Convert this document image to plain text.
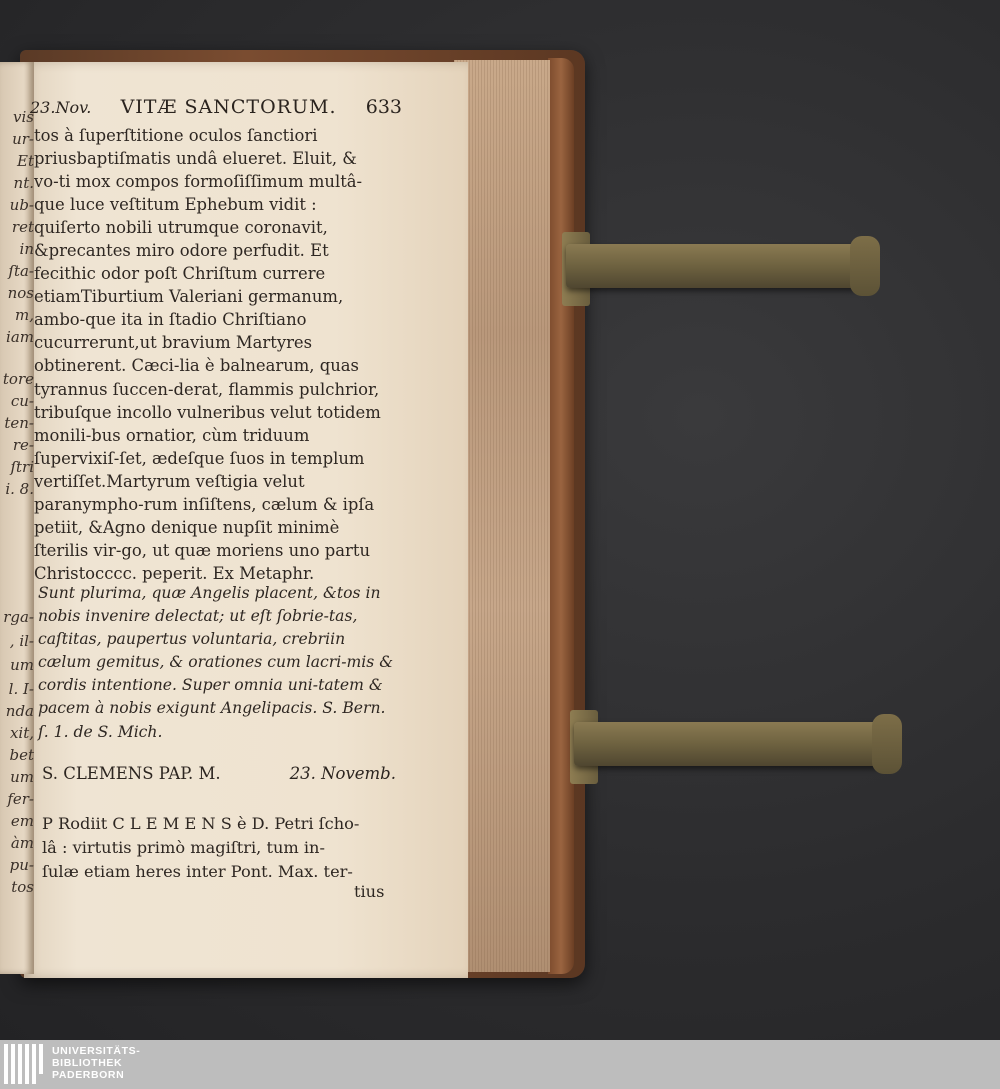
vis
ur-
Et
nt.
ub-
ret
in
ſta-
nos
m,
iam
tore
cu-
ten-
re-
ſtri
i. 8.
rga-
, il-
um
l. I-
nda
xit,
bet
um
fer-
em
àm
pu-
tos
23.Nov. VITÆ SANCTORUM. 633
tos à ſuperſtitione oculos ſanctiori priusbaptiſmatis undâ elueret. Eluit, & vo-ti mox compos formoſiſſimum multâ-que luce veſtitum Ephebum vidit : quiſerto nobili utrumque coronavit, &precantes miro odore perfudit. Et fecithic odor poſt Chriſtum currere etiamTiburtium Valeriani germanum, ambo-que ita in ſtadio Chriſtiano cucurrerunt,ut bravium Martyres obtinerent. Cæci-lia è balnearum, quas tyrannus ſuccen-derat, flammis pulchrior, tribuſque incollo vulneribus velut totidem monili-bus ornatior, cùm triduum ſupervixiſ-ſet, ædeſque ſuos in templum vertiſſet.Martyrum veſtigia velut paranympho-rum inſiſtens, cælum & ipſa petiit, &Agno denique nupſit minimè ſterilis vir-go, ut quæ moriens uno partu Christocccc. peperit. Ex Metaphr.
Sunt plurima, quæ Angelis placent, &tos in nobis invenire delectat; ut eſt ſobrie-tas, caſtitas, paupertus voluntaria, crebriin cælum gemitus, & orationes cum lacri-mis & cordis intentione. Super omnia uni-tatem & pacem à nobis exigunt Angelipacis. S. Bern. ſ. 1. de S. Mich.
S. CLEMENS PAP. M.	23. Novemb.
P Rodiit C L E M E N S è D. Petri ſcho-lâ : virtutis primò magiſtri, tum in-ſulæ etiam heres inter Pont. Max. ter-
tius
UNIVERSITÄTS-
BIBLIOTHEK
PADERBORN
